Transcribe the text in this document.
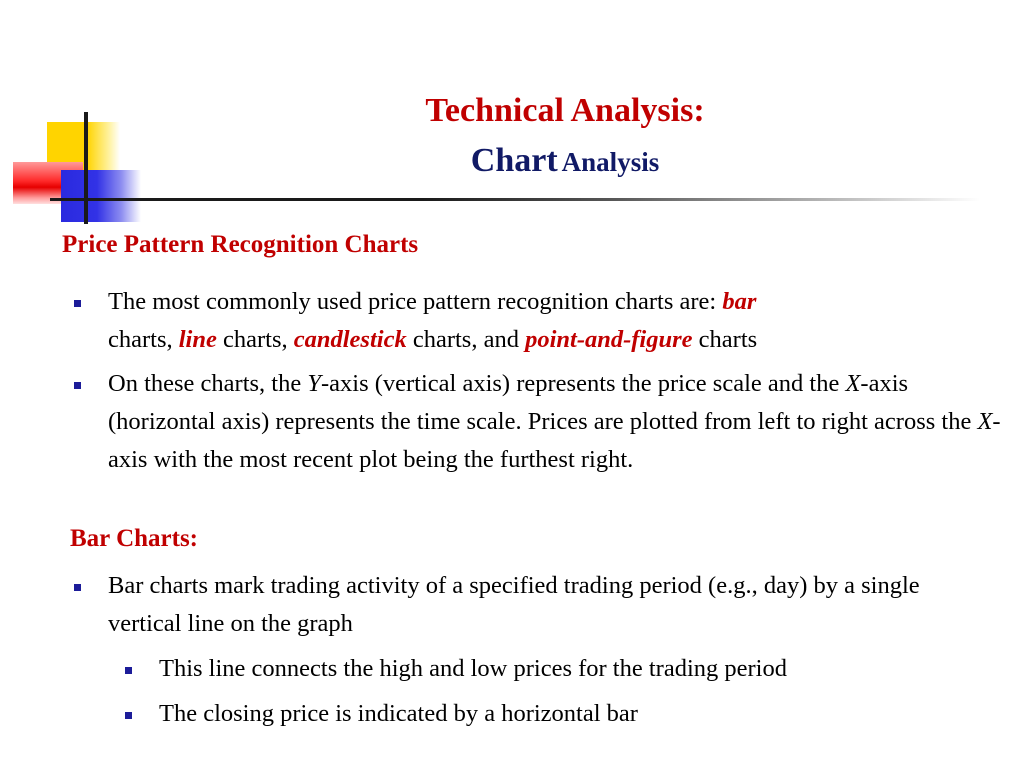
Technical Analysis:
Chart Analysis
Price Pattern Recognition Charts
The most commonly used price pattern recognition charts are: bar
charts, line charts, candlestick charts, and point-and-figure charts
On these charts, the Y-axis (vertical axis) represents the price scale and the X-axis (horizontal axis) represents the time scale. Prices are plotted from left to right across the X-axis with the most recent plot being the furthest right.
Bar Charts:
Bar charts mark trading activity of a specified trading period (e.g., day) by a single vertical line on the graph
This line connects the high and low prices for the trading period
The closing price is indicated by a horizontal bar
